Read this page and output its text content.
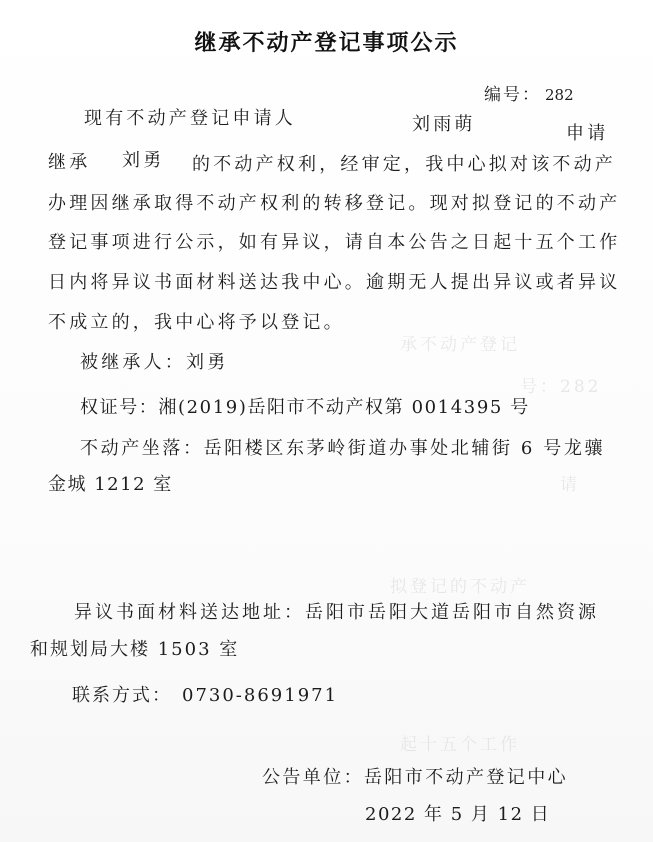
承不动产登记
号：282
请
拟登记的不动产
起十五个工作
继承不动产登记事项公示
编号： 282
现有不动产登记申请人	刘雨萌	申请
继承 刘勇 的不动产权利，经审定，我中心拟对该不动产
办理因继承取得不动产权利的转移登记。现对拟登记的不动产
登记事项进行公示，如有异议，请自本公告之日起十五个工作
日内将异议书面材料送达我中心。逾期无人提出异议或者异议
不成立的，我中心将予以登记。
被继承人：刘勇
权证号：湘(2019)岳阳市不动产权第 0014395 号
不动产坐落：岳阳楼区东茅岭街道办事处北辅街 6 号龙骧
金城 1212 室
异议书面材料送达地址：岳阳市岳阳大道岳阳市自然资源
和规划局大楼 1503 室
联系方式： 0730-8691971
公告单位：岳阳市不动产登记中心
2022 年 5 月 12 日
